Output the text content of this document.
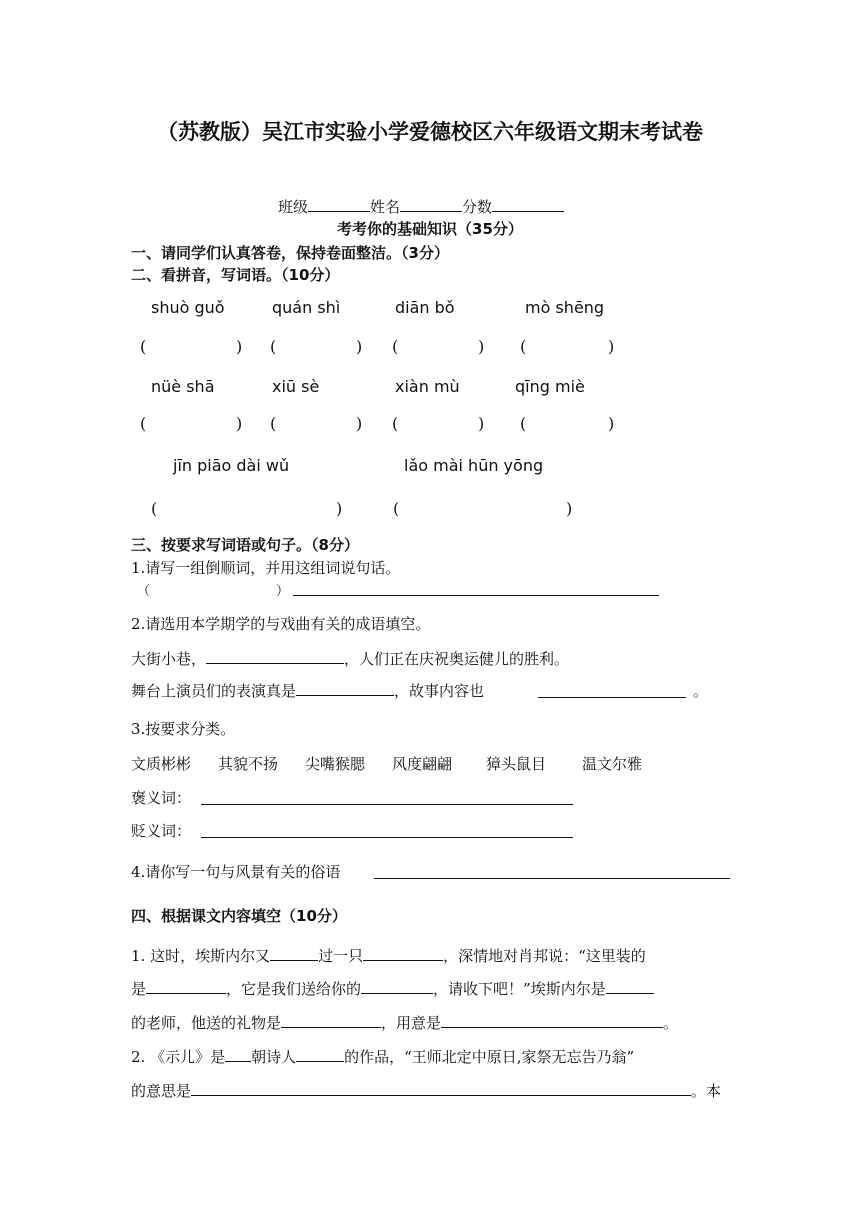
（苏教版）吴江市实验小学爱德校区六年级语文期末考试卷
班级	姓名	分数
考考你的基础知识（35分）
一、请同学们认真答卷，保持卷面整洁。（3分）
二、看拼音，写词语。（10分）
shuò guǒ	quán shì	diān bǒ	mò shēng
(	) (	) (	) (	)
nüè shā	xiū sè	xiàn mù	qīng miè
(	) (	) (	) (	)
jīn piāo dài wǔ	lǎo mài hūn yōng
(	)	(	)
三、按要求写词语或句子。（8分）
1.请写一组倒顺词，并用这组词说句话。
（	）
2.请选用本学期学的与戏曲有关的成语填空。
大街小巷，	，人们正在庆祝奥运健儿的胜利。
舞台上演员们的表演真是	，故事内容也	。
3.按要求分类。
文质彬彬 其貌不扬 尖嘴猴腮 风度翩翩 獐头鼠目 温文尔雅
褒义词：
贬义词：
4.请你写一句与风景有关的俗语
四、根据课文内容填空（10分）
1. 这时，埃斯内尔又	过一只	，深情地对肖邦说：“这里装的
是	，它是我们送给你的	，请收下吧！”埃斯内尔是
的老师，他送的礼物是	，用意是	。
2. 《示儿》是 朝诗人	的作品，“王师北定中原日,家祭无忘告乃翁”
的意思是	。本
